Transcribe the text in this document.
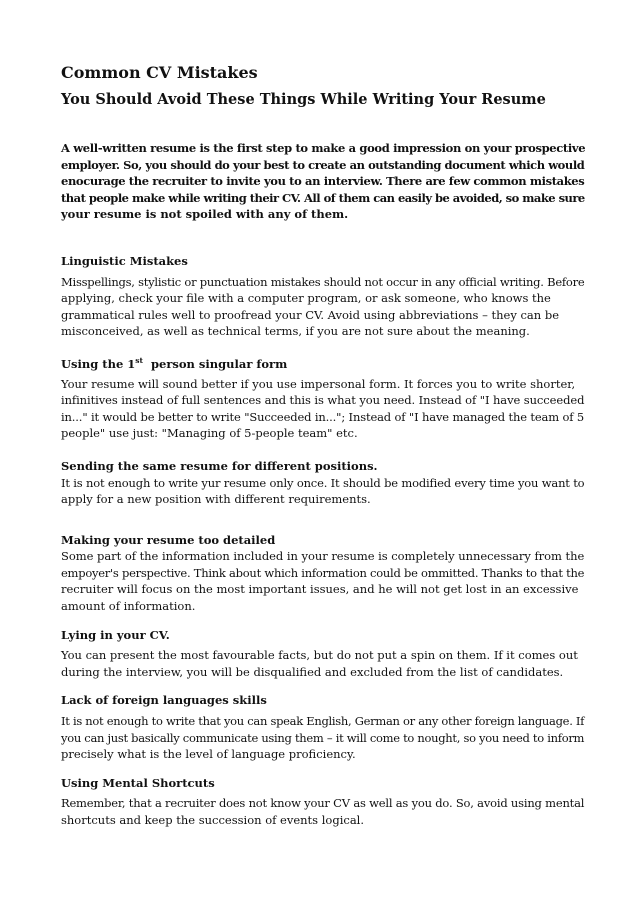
Common CV Mistakes
You Should Avoid These Things While Writing Your Resume

A well-written resume is the first step to make a good impression on your prospective
employer. So, you should do your best to create an outstanding document which would
enocurage the recruiter to invite you to an interview. There are few common mistakes
that people make while writing their CV. All of them can easily be avoided, so make sure
your resume is not spoiled with any of them.

Linguistic Mistakes

Misspellings, stylistic or punctuation mistakes should not occur in any official writing. Before
applying, check your file with a computer program, or ask someone, who knows the
grammatical rules well to proofread your CV. Avoid using abbreviations – they can be
misconceived, as well as technical terms, if you are not sure about the meaning.

Using the 1st  person singular form

Your resume will sound better if you use impersonal form. It forces you to write shorter,
infinitives instead of full sentences and this is what you need. Instead of "I have succeeded
in..." it would be better to write "Succeeded in..."; Instead of "I have managed the team of 5
people" use just: "Managing of 5-people team" etc.

Sending the same resume for different positions.

It is not enough to write yur resume only once. It should be modified every time you want to
apply for a new position with different requirements.

Making your resume too detailed

Some part of the information included in your resume is completely unnecessary from the
empoyer's perspective. Think about which information could be ommitted. Thanks to that the
recruiter will focus on the most important issues, and he will not get lost in an excessive
amount of information.

Lying in your CV.

You can present the most favourable facts, but do not put a spin on them. If it comes out
during the interview, you will be disqualified and excluded from the list of candidates.

Lack of foreign languages skills

It is not enough to write that you can speak English, German or any other foreign language. If
you can just basically communicate using them – it will come to nought, so you need to inform
precisely what is the level of language proficiency.

Using Mental Shortcuts

Remember, that a recruiter does not know your CV as well as you do. So, avoid using mental
shortcuts and keep the succession of events logical.
